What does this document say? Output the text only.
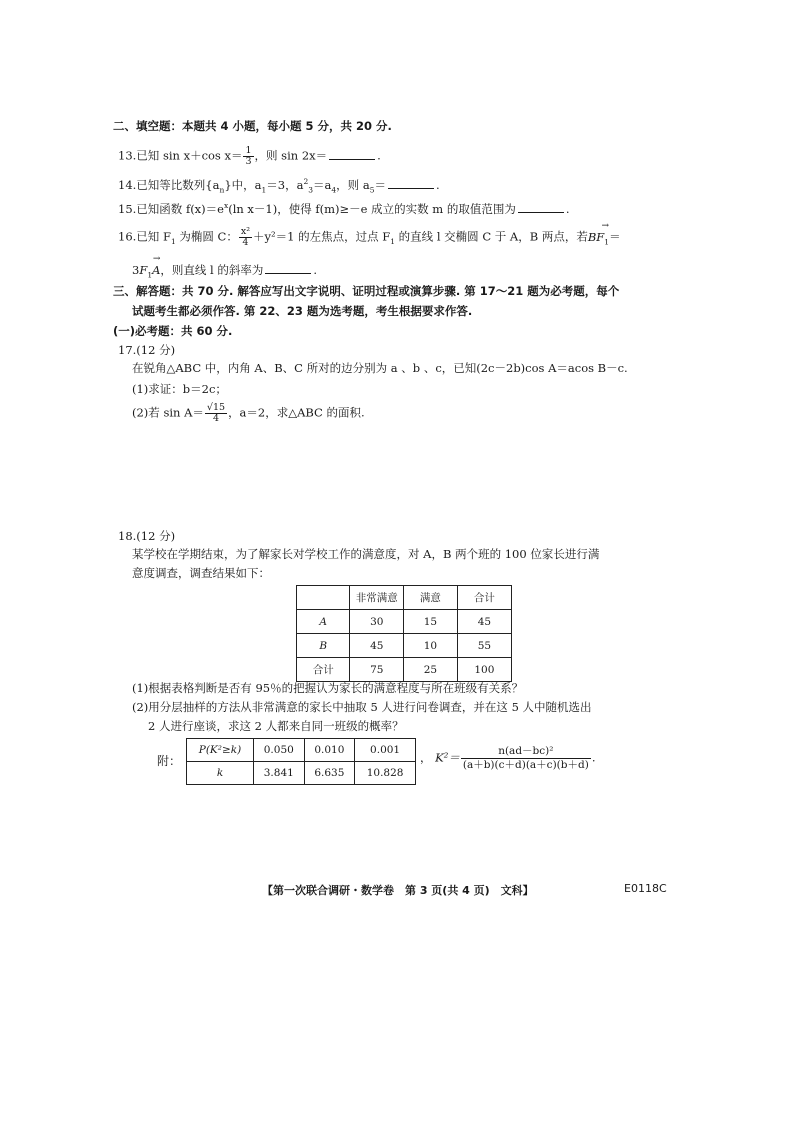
二、填空题：本题共 4 小题，每小题 5 分，共 20 分.
13.已知 sin x＋cos $x= \frac{1}{3}$ ，则 sin 2x＝	.
14.已知等比数列$\{a_n\}$中，$a_1=3$，$a^2_3=a_4$，则 $a_5=$	.
15.已知函数 $f(x)=e^x(\ln$ x－1)，使得 f(m)≥－e 成立的实数 m 的取值范围为	.
16.已知 $F_1$ 为椭圆 C： $\frac{\text{x²}}{4} +y^2=1$ 的左焦点，过点 $F_1$ 的直线 l 交椭圆 C 于 A，B 两点，若→ $BF_1=$
$3\to F_1A$，则直线 l 的斜率为	.
三、解答题：共 70 分. 解答应写出文字说明、证明过程或演算步骤. 第 17～21 题为必考题，每个
试题考生都必须作答. 第 22、23 题为选考题，考生根据要求作答.
(一)必考题：共 60 分.
17.(12 分)
在锐角△ABC 中，内角 A、B、C 所对的边分别为 a 、b 、c，已知(2c－2b)cos A＝acos B－c.
(1)求证：b＝2c；
(2)若 $\sin A= \frac{√15}{4}$ ，a＝2，求△ABC 的面积.
18.(12 分)
某学校在学期结束，为了解家长对学校工作的满意度，对 A，B 两个班的 100 位家长进行满
意度调查，调查结果如下：
	非常满意	满意	合计
A	30	15	45
B	45	10	55
合计	75	25	100
(1)根据表格判断是否有 95％的把握认为家长的满意程度与所在班级有关系？
(2)用分层抽样的方法从非常满意的家长中抽取 5 人进行问卷调查，并在这 5 人中随机选出
2 人进行座谈，求这 2 人都来自同一班级的概率？
附：
P(K²≥k)	0.050	0.010	0.001
k	3.841	6.635	10.828
， $K^2= \frac{\text{n(ad－bc)²}}{(a+b)(c+d)(a+c)(b+d)}$ .
【第一次联合调研・数学卷　第 3 页(共 4 页)　文科】	E0118C
